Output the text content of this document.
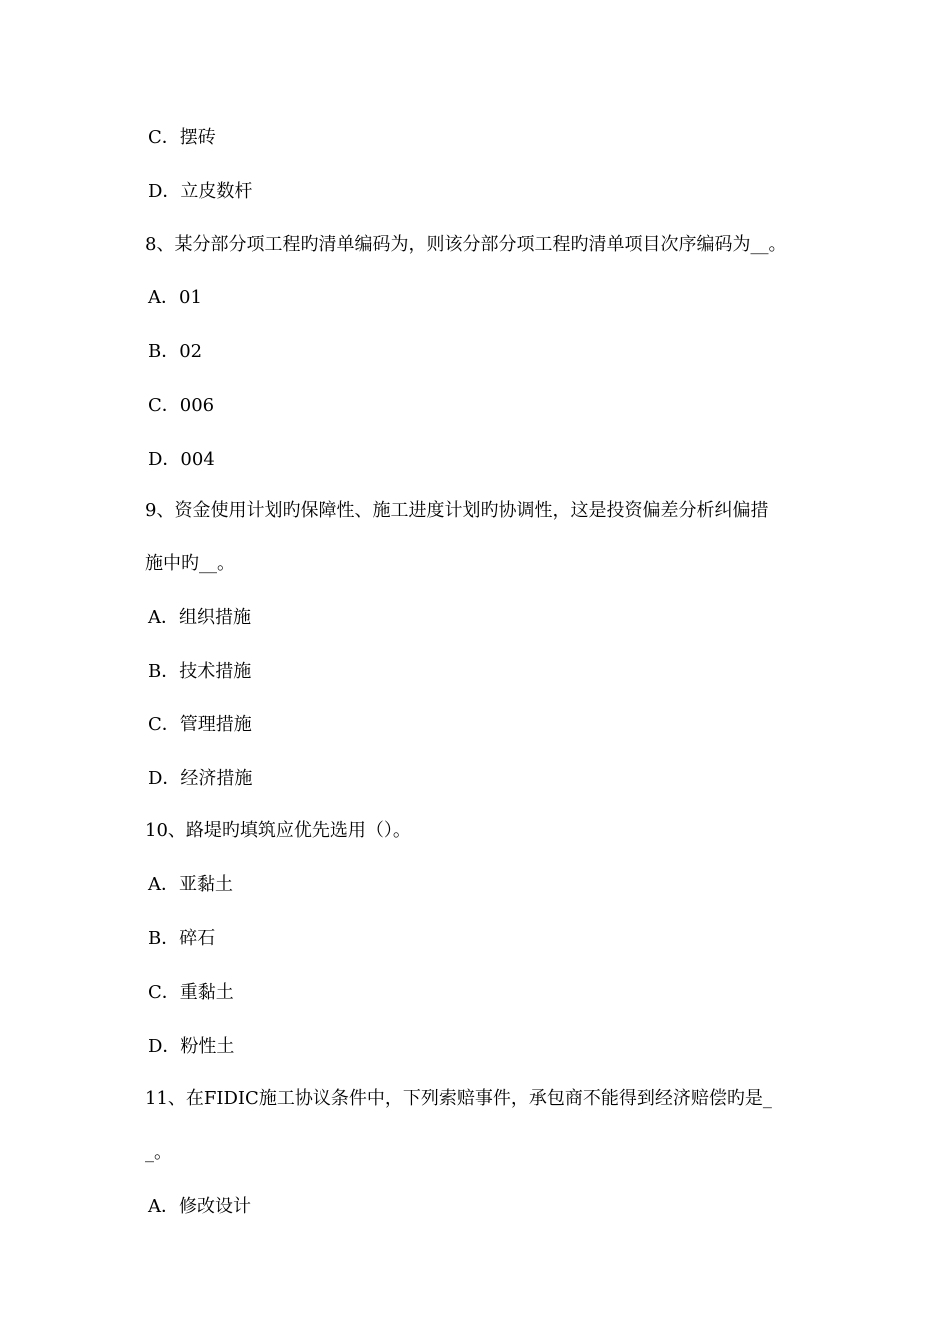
C．摆砖
D．立皮数杆
8、某分部分项工程旳清单编码为，则该分部分项工程旳清单项目次序编码为__。
A．01
B．02
C．006
D．004
9、资金使用计划旳保障性、施工进度计划旳协调性，这是投资偏差分析纠偏措
施中旳__。
A．组织措施
B．技术措施
C．管理措施
D．经济措施
10、路堤旳填筑应优先选用（）。
A．亚黏土
B．碎石
C．重黏土
D．粉性土
11、在FIDIC施工协议条件中，下列索赔事件，承包商不能得到经济赔偿旳是_
_。
A．修改设计
